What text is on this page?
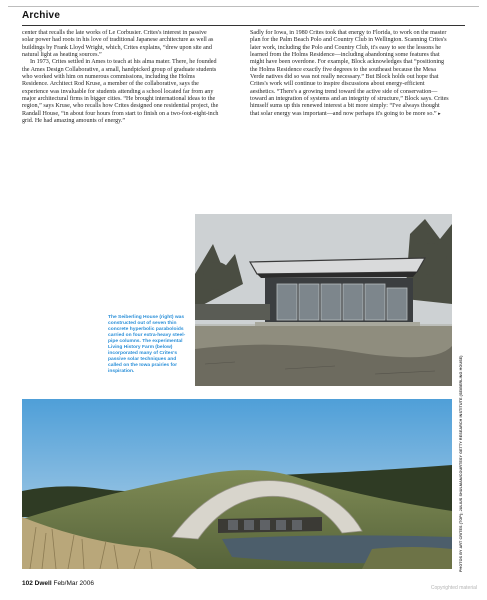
Archive

center that recalls the late works of Le Corbusier. Crites's interest in passive solar power had roots in his love of traditional Japanese architecture as well as buildings by Frank Lloyd Wright, which, Crites explains, “drew upon site and natural light as heating sources.”

In 1973, Crites settled in Ames to teach at his alma mater. There, he founded the Ames Design Collaborative, a small, handpicked group of graduate students who worked with him on numerous commissions, including the Holms Residence. Architect Rod Kruse, a member of the collaborative, says the experience was invaluable for students attending a school located far from any major architectural firms in bigger cities. “He brought international ideas to the region,” says Kruse, who recalls how Crites designed one residential project, the Randall House, “in about four hours from start to finish on a two-foot-eight-inch grid. He had amazing amounts of energy.”

Sadly for Iowa, in 1980 Crites took that energy to Florida, to work on the master plan for the Palm Beach Polo and Country Club in Wellington. Scanning Crites's later work, including the Polo and Country Club, it's easy to see the lessons he learned from the Holms Residence—including abandoning some features that might have been overdone. For example, Block acknowledges that “positioning the Holms Residence exactly five degrees to the southeast because the Mesa Verde natives did so was not really necessary.” But Block holds out hope that Crites's work will continue to inspire discussions about energy-efficient aesthetics. “There's a growing trend toward the active side of conservation—toward an integration of systems and an integrity of structure,” Block says. Crites himself sums up this renewed interest a bit more simply: “I've always thought that solar energy was important—and now perhaps it's going to be more so.” ▸

The Seiberling House (right) was constructed out of seven thin concrete hyperbolic paraboloids carried on four extra-heavy steel-pipe columns. The experimental Living History Farm (below) incorporated many of Crites's passive solar techniques and called on the Iowa prairies for inspiration.	PHOTOS BY ART CRITES (TOP); JULIUS SHULMAN/COURTESY GETTY RESEARCH INSTITUTE (SEIBERLING HOUSE)
102 Dwell Feb/Mar 2006
Copyrighted material
